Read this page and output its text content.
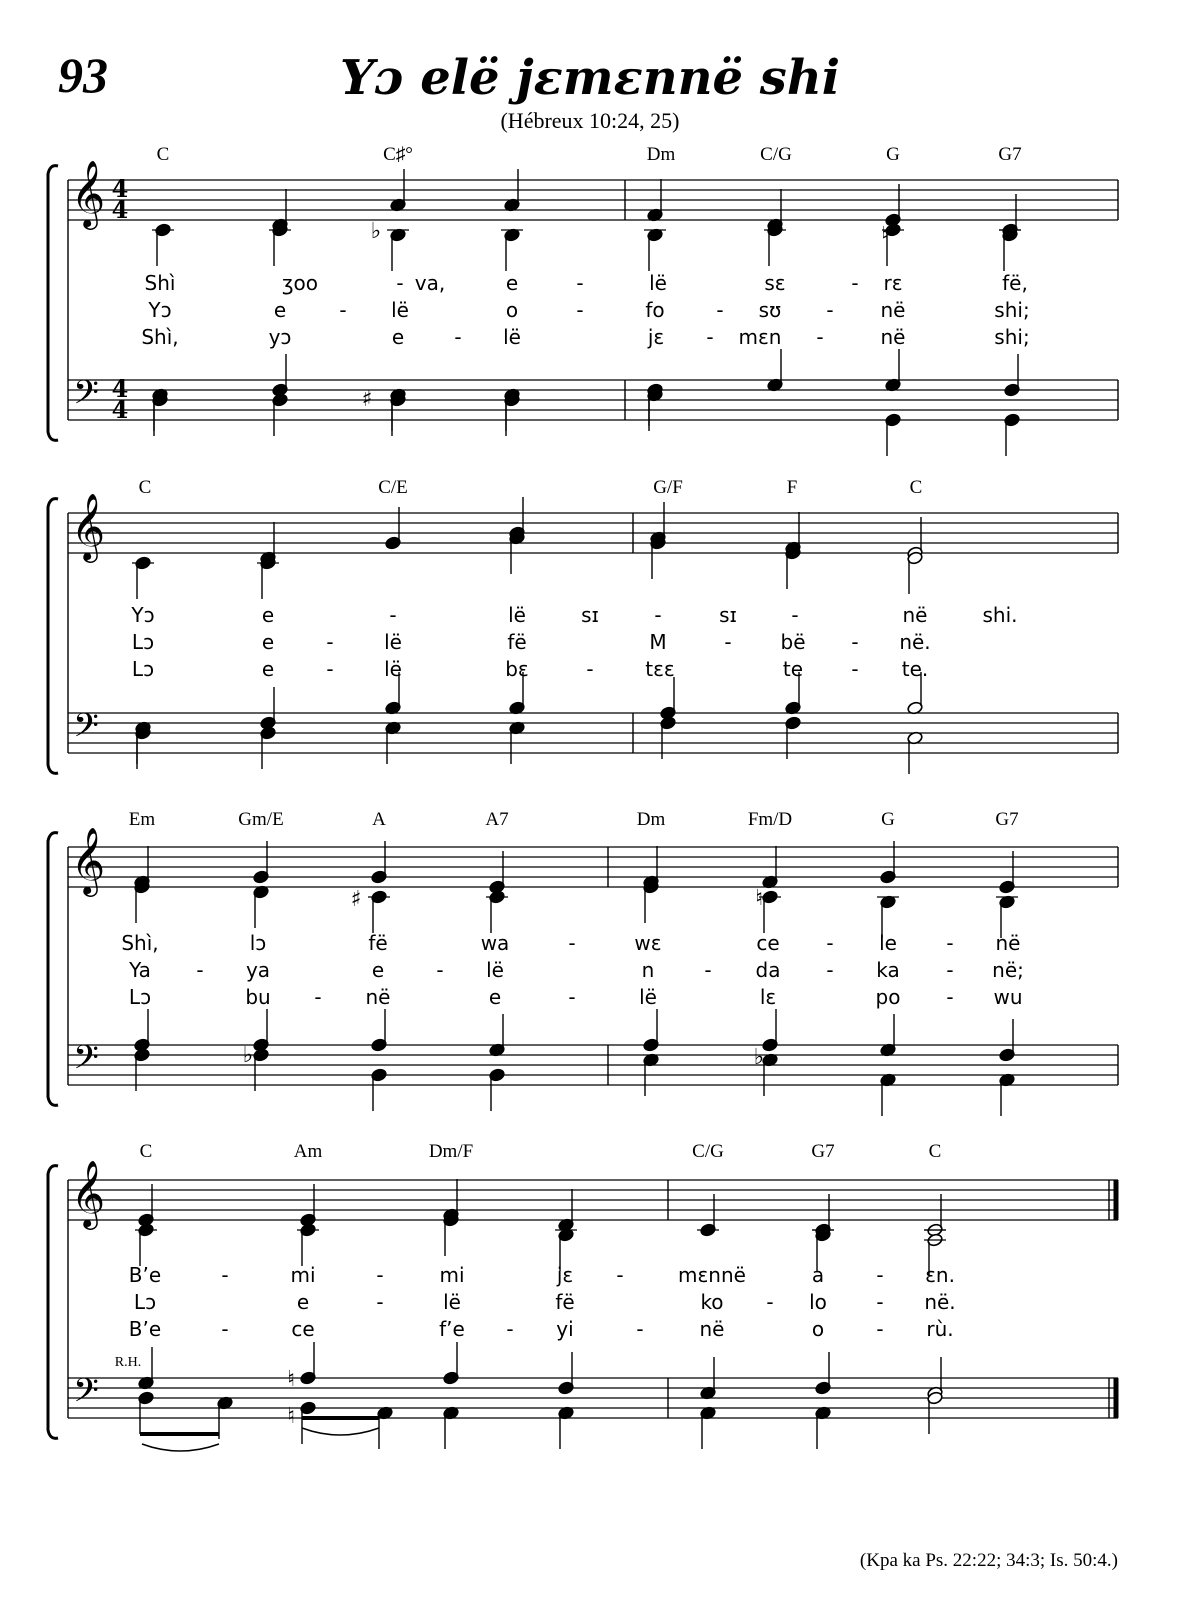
93	Yɔ elë jɛmɛnnë shi
(Hébreux 10:24, 25)
(Kpa ka Ps. 22:22; 34:3; Is. 50:4.)
𝄞
𝄢
4
4
4
4
C	C♯°	Dm	C/G	G	G7
Shì	ʒoo	- va,	e	-	lë	sɛ	- rɛ	fë,
Yɔ	e	- lë	o	-	fo	- sʊ - në	shi;
Shì,	yɔ	e	- lë	jɛ - mɛn -	në	shi;
𝄞
𝄢
C	C/E	G/F	F	C
Yɔ	e	-	lë	sɪ	-	sɪ	-	në	shi.
Lɔ	e	-	lë	fë	M	- bë - në.
Lɔ	e	-	lë	bɛ	-	tɛɛ	te - te.
𝄞
𝄢
Em	Gm/E	A	A7	Dm	Fm/D	G	G7
Shì,	lɔ	fë	wa	-	wɛ	ce - le - në
Ya - ya	e	- lë	n	- da - ka - në;
Lɔ	bu - në	e	-	lë	lɛ	po - wu
𝄞
𝄢
C	Am	Dm/F	C/G	G7	C
B’e	-	mi	-	mi	jɛ -	mɛnnë	a	- ɛn.
Lɔ	e	-	lë	fë	ko - lo - në.
B’e	-	ce	f’e - yi	-	në	o	- rù.
♭	♮
♯
♯	♮
♭	♭
♮
♮
R.H.
